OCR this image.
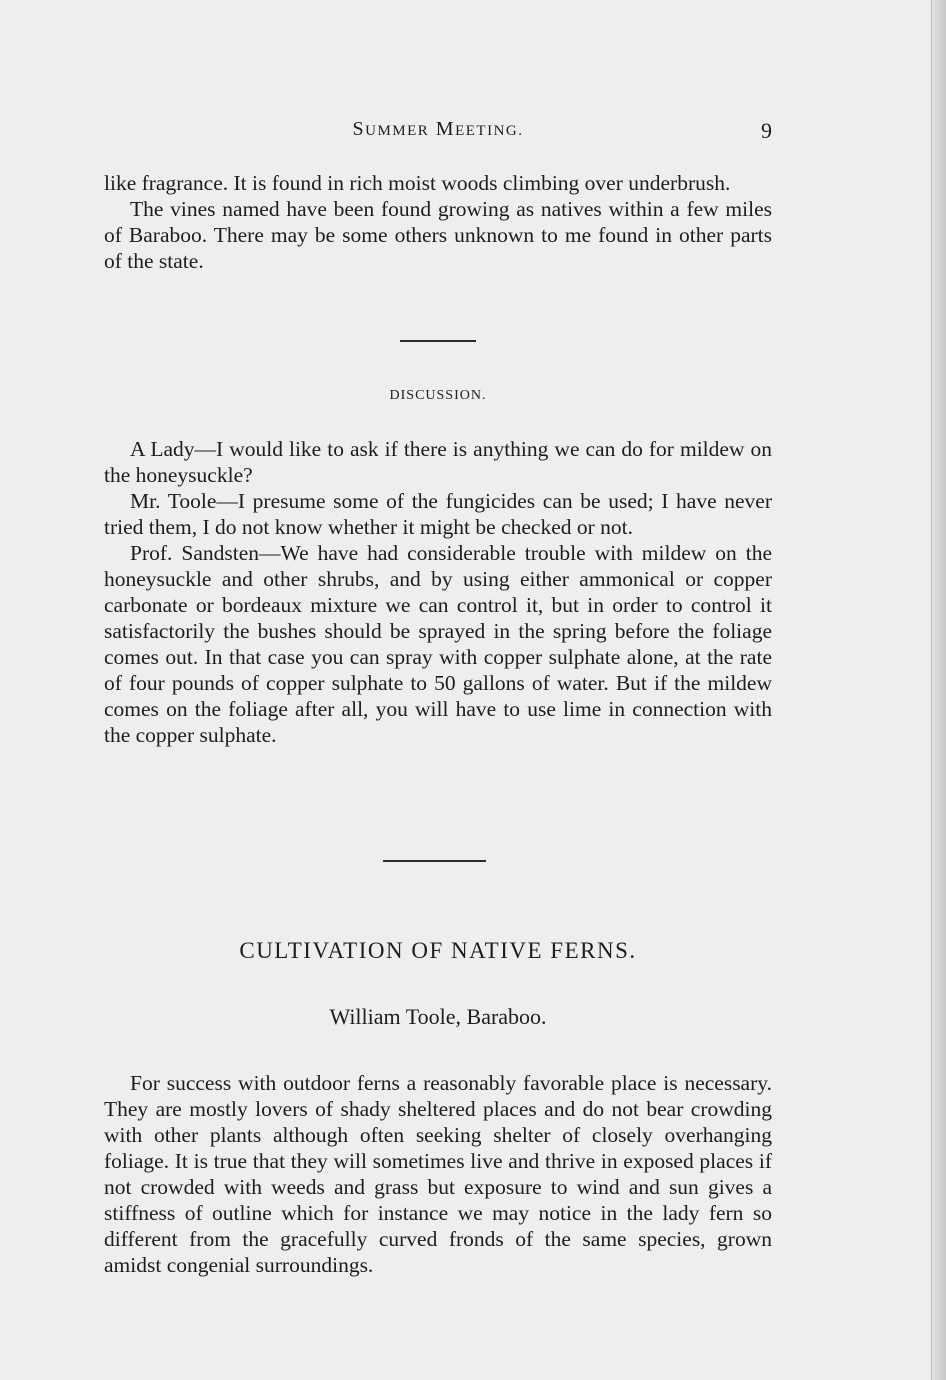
SUMMER MEETING.	9

like fragrance. It is found in rich moist woods climbing over underbrush.

The vines named have been found growing as natives within a few miles of Baraboo. There may be some others unknown to me found in other parts of the state.

DISCUSSION.

A Lady—I would like to ask if there is anything we can do for mildew on the honeysuckle?

Mr. Toole—I presume some of the fungicides can be used; I have never tried them, I do not know whether it might be checked or not.

Prof. Sandsten—We have had considerable trouble with mildew on the honeysuckle and other shrubs, and by using either ammonical or copper carbonate or bordeaux mixture we can control it, but in order to control it satisfactorily the bushes should be sprayed in the spring before the foliage comes out. In that case you can spray with copper sulphate alone, at the rate of four pounds of copper sulphate to 50 gallons of water. But if the mildew comes on the foliage after all, you will have to use lime in connection with the copper sulphate.

CULTIVATION OF NATIVE FERNS.
William Toole, Baraboo.

For success with outdoor ferns a reasonably favorable place is necessary. They are mostly lovers of shady sheltered places and do not bear crowding with other plants although often seeking shelter of closely overhanging foliage. It is true that they will sometimes live and thrive in exposed places if not crowded with weeds and grass but exposure to wind and sun gives a stiffness of outline which for instance we may notice in the lady fern so different from the gracefully curved fronds of the same species, grown amidst congenial surroundings.
